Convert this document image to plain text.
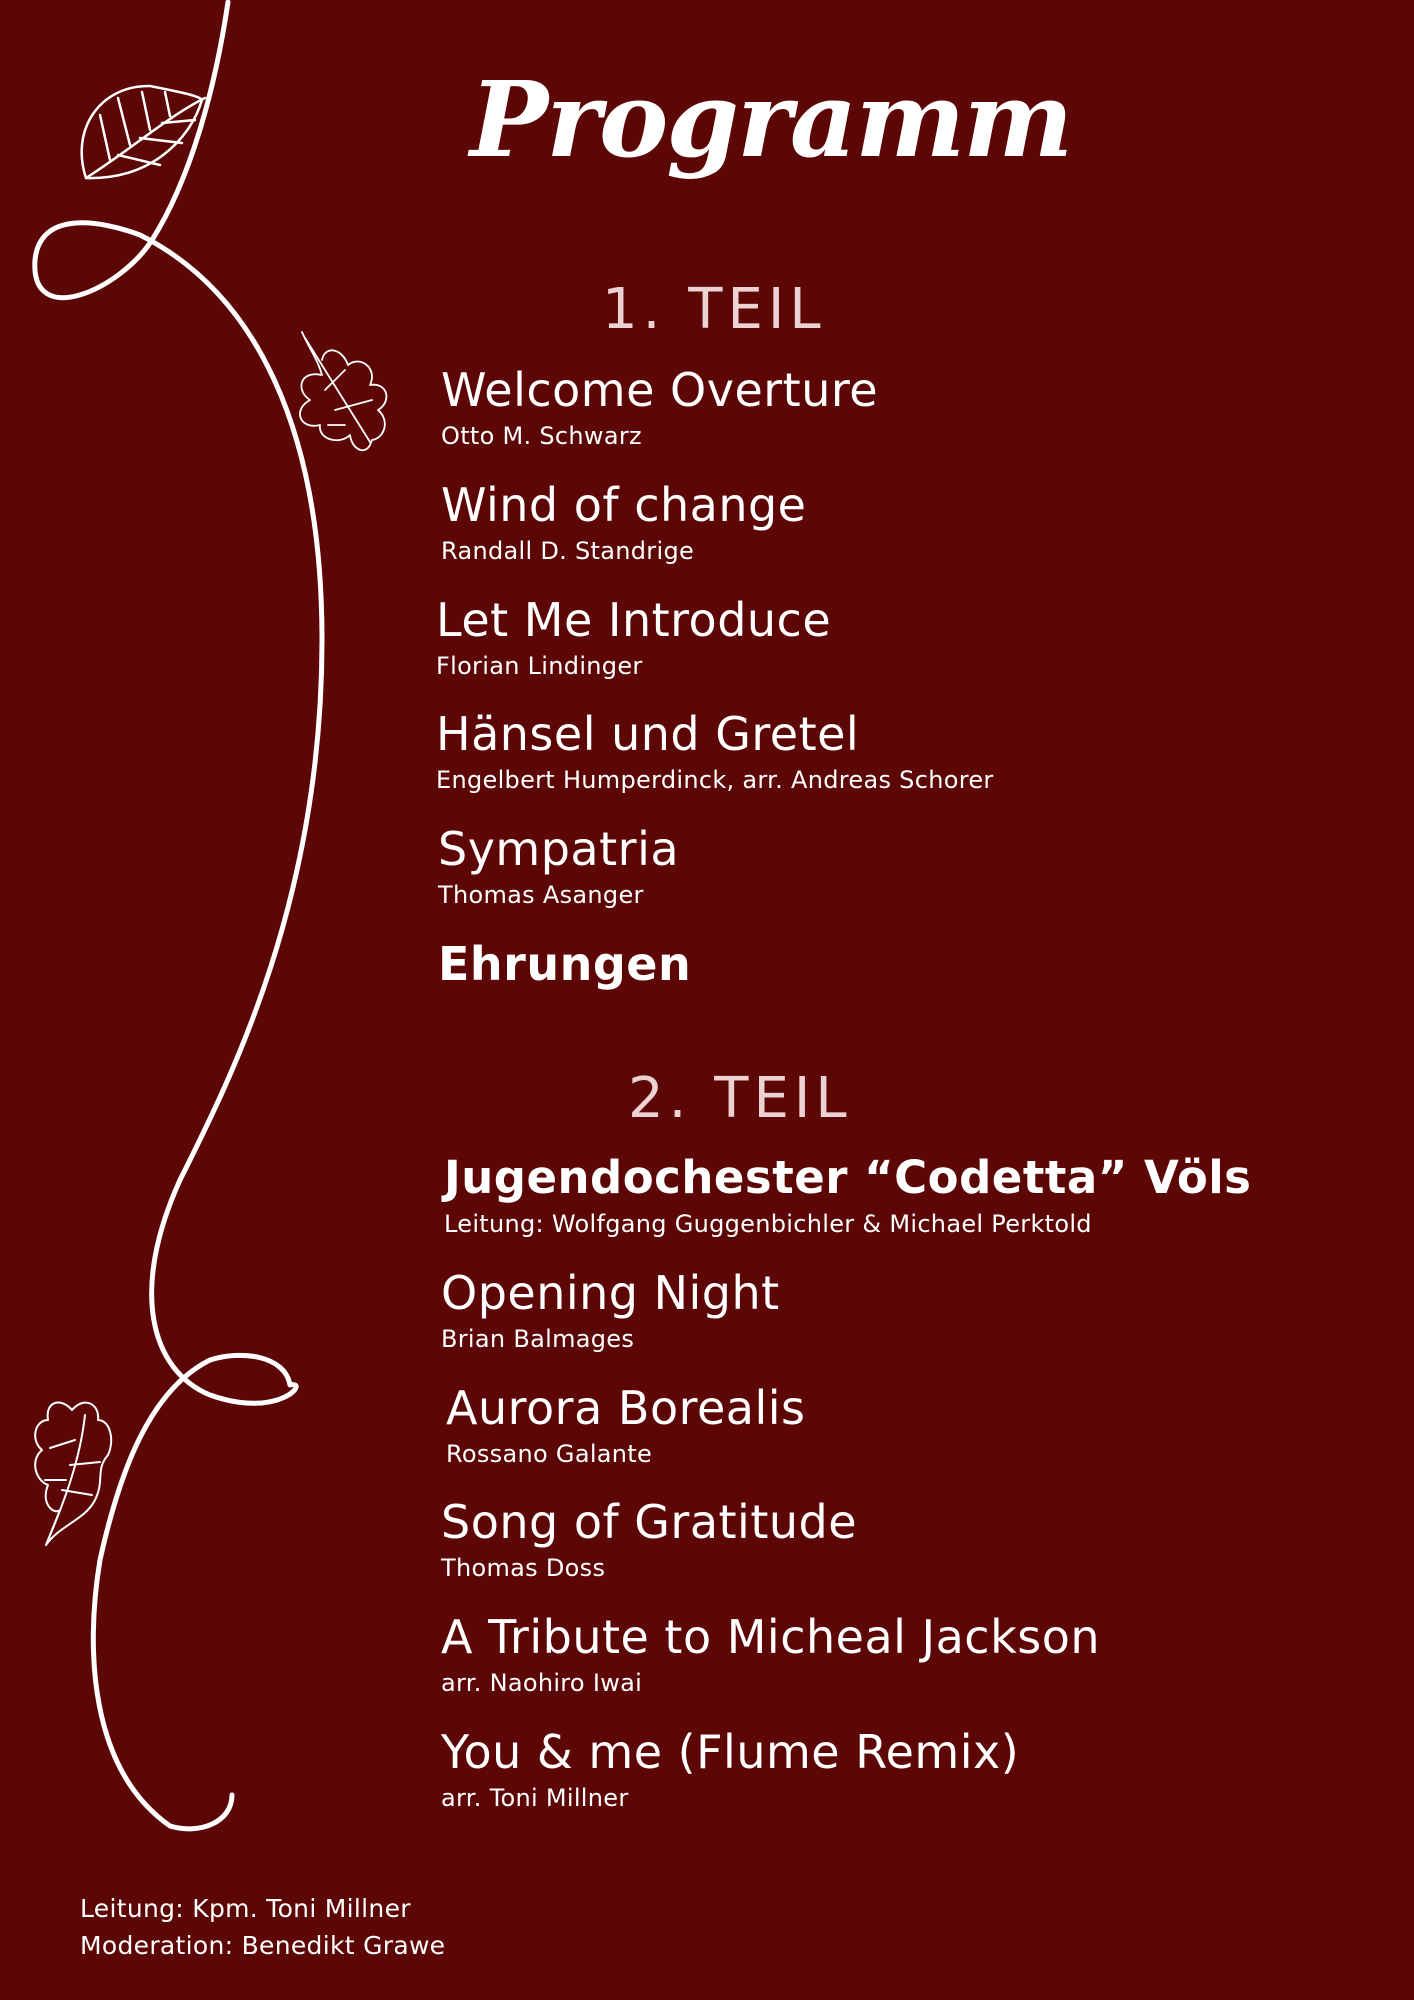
Programm
1. TEIL
Welcome Overture
Otto M. Schwarz
Wind of change
Randall D. Standrige
Let Me Introduce
Florian Lindinger
Hänsel und Gretel
Engelbert Humperdinck, arr. Andreas Schorer
Sympatria
Thomas Asanger
Ehrungen
2. TEIL
Jugendochester “Codetta” Völs
Leitung: Wolfgang Guggenbichler & Michael Perktold
Opening Night
Brian Balmages
Aurora Borealis
Rossano Galante
Song of Gratitude
Thomas Doss
A Tribute to Micheal Jackson
arr. Naohiro Iwai
You & me (Flume Remix)
arr. Toni Millner
Leitung: Kpm. Toni Millner
Moderation: Benedikt Grawe
